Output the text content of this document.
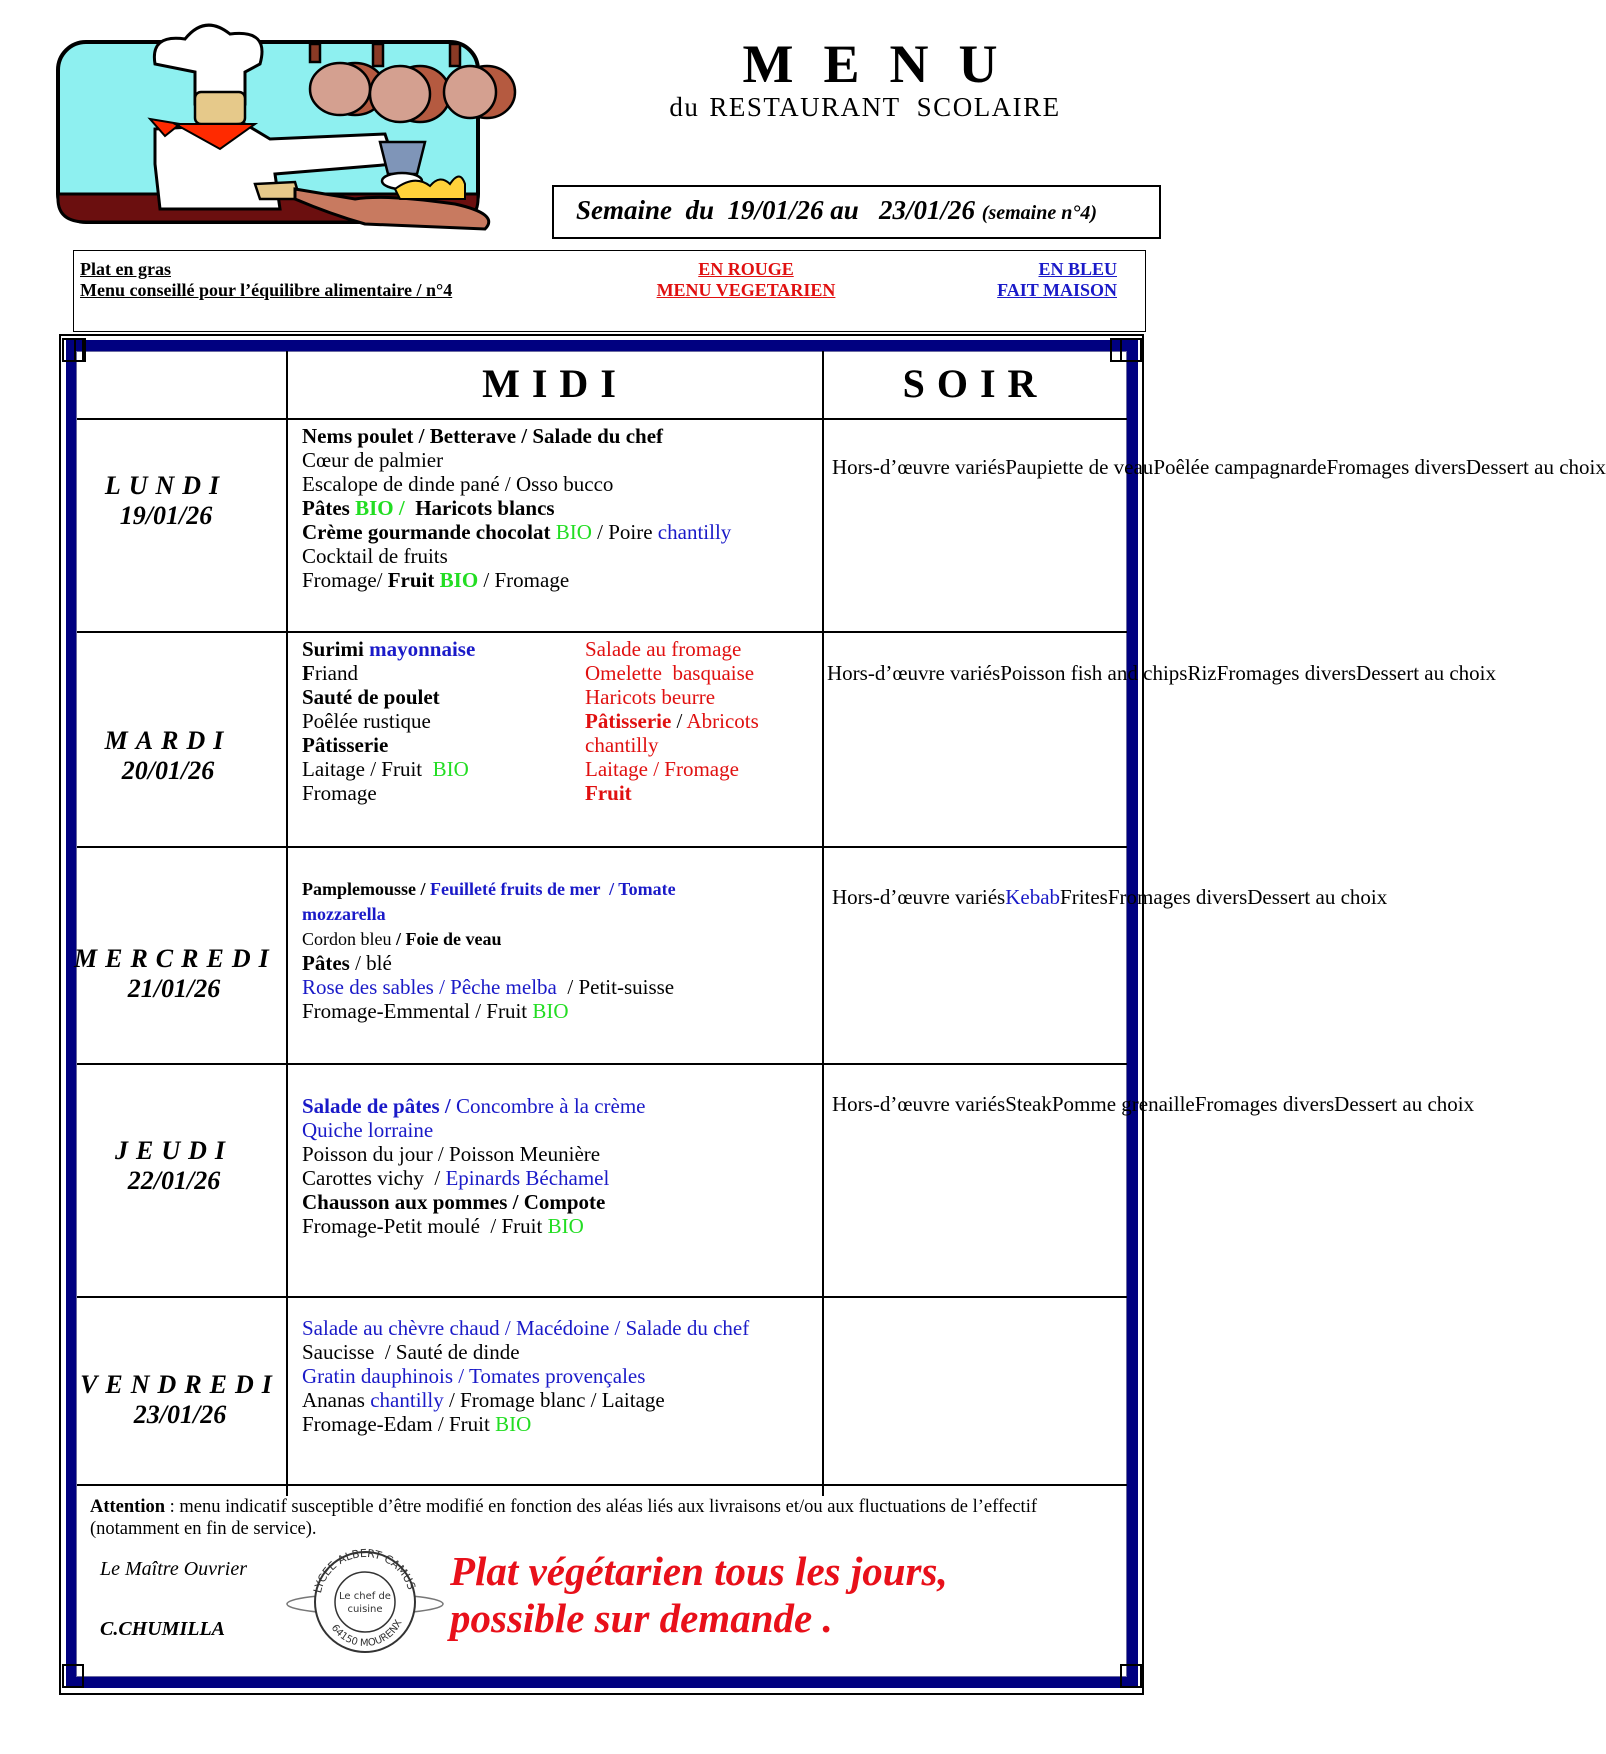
MENU
du RESTAURANT  SCOLAIRE
Semaine  du  19/01/26 au   23/01/26 (semaine n°4)
Plat en gras
Menu conseillé pour l’équilibre alimentaire / n°4
EN ROUGE
MENU VEGETARIEN
EN BLEU
FAIT MAISON
MIDI	SOIR
LUNDI
19/01/26
MARDI
20/01/26
MERCREDI
21/01/26
JEUDI
22/01/26
VENDREDI
23/01/26
Nems poulet / Betterave / Salade du chef
Cœur de palmier
Escalope de dinde pané / Osso bucco
Pâtes BIO /  Haricots blancs
Crème gourmande chocolat BIO / Poire chantilly
Cocktail de fruits
Fromage/ Fruit BIO / Fromage
Surimi mayonnaise
Friand
Sauté de poulet
Poêlée rustique
Pâtisserie
Laitage / Fruit  BIO
Fromage
Salade au fromage
Omelette  basquaise
Haricots beurre
Pâtisserie / Abricots
chantilly
Laitage / Fromage
Fruit
Pamplemousse / Feuilleté fruits de mer  / Tomate
mozzarella
Cordon bleu / Foie de veau
Pâtes / blé
Rose des sables / Pêche melba  / Petit-suisse
Fromage-Emmental / Fruit BIO
Salade de pâtes / Concombre à la crème
Quiche lorraine
Poisson du jour / Poisson Meunière
Carottes vichy  / Epinards Béchamel
Chausson aux pommes / Compote
Fromage-Petit moulé  / Fruit BIO
Salade au chèvre chaud / Macédoine / Salade du chef
Saucisse  / Sauté de dinde
Gratin dauphinois / Tomates provençales
Ananas chantilly / Fromage blanc / Laitage
Fromage-Edam / Fruit BIO
Hors-d’œuvre variésPaupiette de veauPoêlée campagnardeFromages diversDessert au choix
Hors-d’œuvre variésPoisson fish and chipsRizFromages diversDessert au choix
Hors-d’œuvre variésKebabFritesFromages diversDessert au choix
Hors-d’œuvre variésSteakPomme grenailleFromages diversDessert au choix
Attention : menu indicatif susceptible d’être modifié en fonction des aléas liés aux livraisons et/ou aux fluctuations de l’effectif (notamment en fin de service).
Le Maître Ouvrier
C.CHUMILLA
LYCEE ALBERT CAMUS
64150 MOURENX
Le chef de
cuisine
Plat végétarien tous les jours,
possible sur demande .
